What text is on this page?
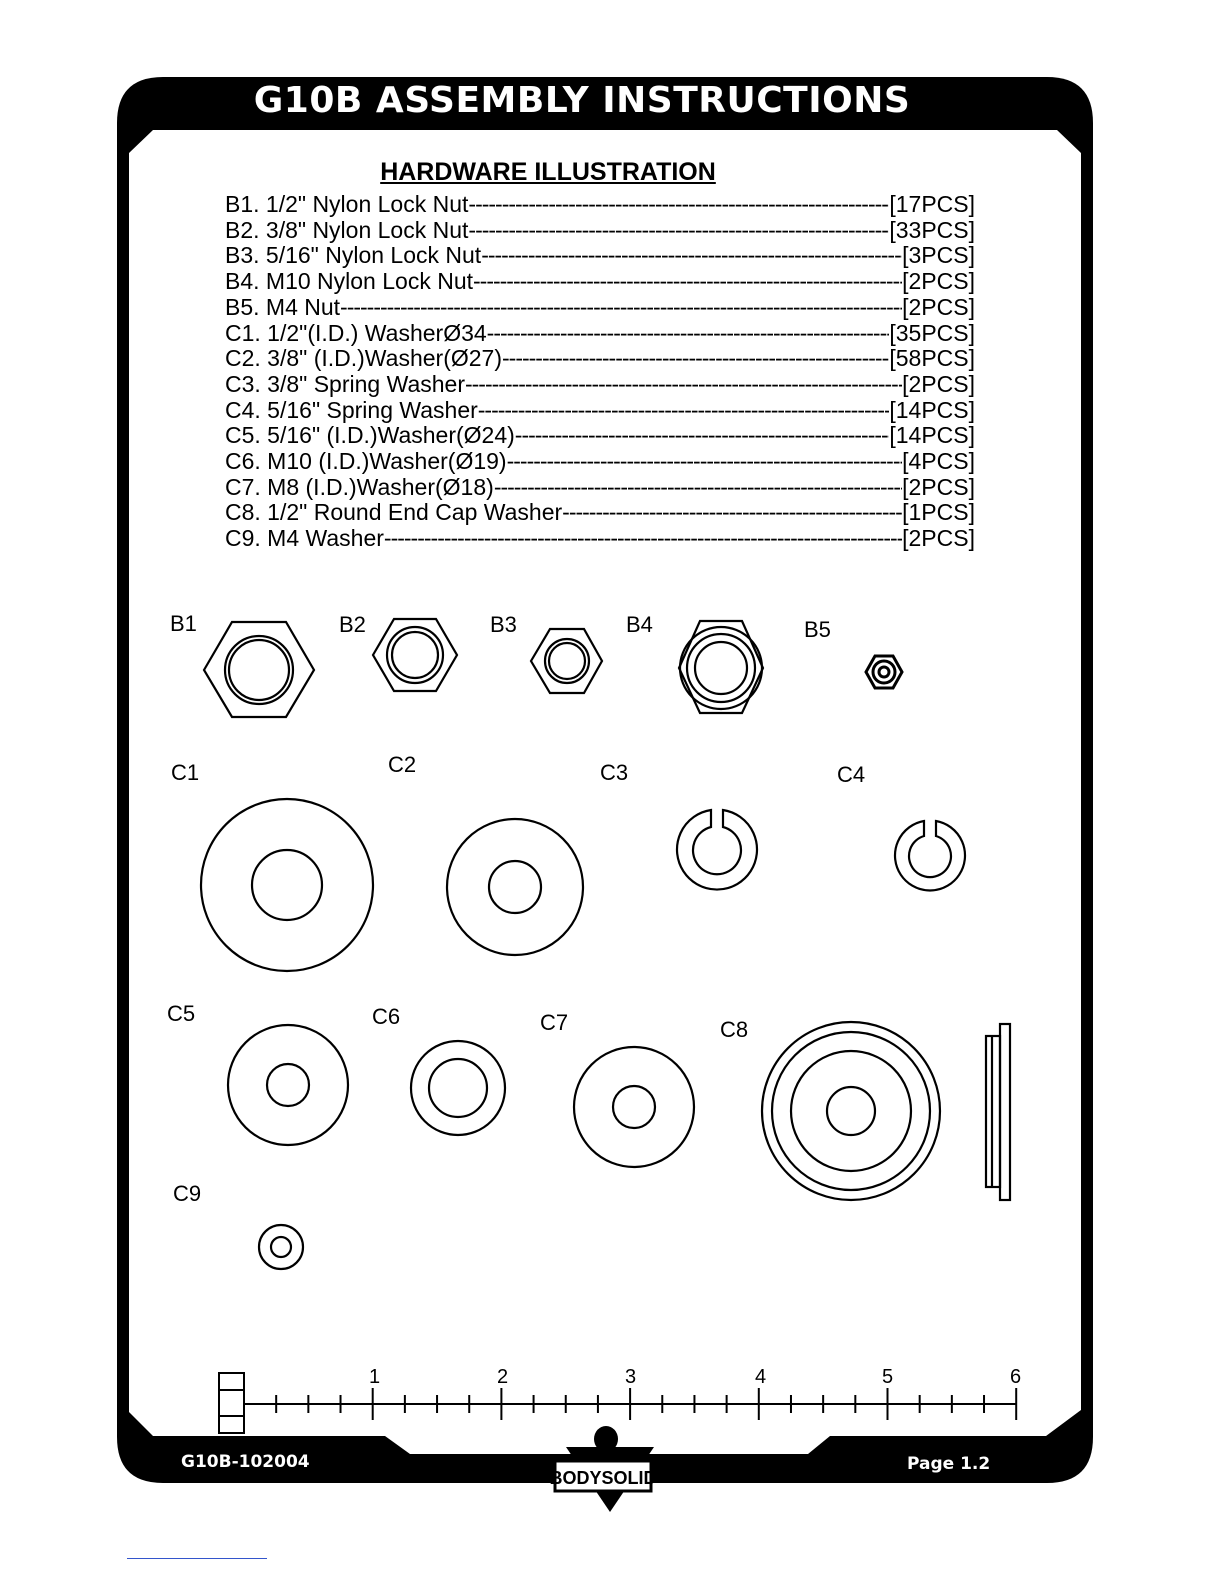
G10B ASSEMBLY INSTRUCTIONS
HARDWARE ILLUSTRATION
B1. 1/2" Nylon Lock Nut -----	[17PCS]
B2. 3/8" Nylon Lock Nut -----	[33PCS]
B3. 5/16" Nylon Lock Nut -----	[3PCS]
B4. M10 Nylon Lock Nut -----	[2PCS]
B5. M4 Nut -----	[2PCS]
C1. 1/2"(I.D.) WasherØ34 -----	[35PCS]
C2. 3/8" (I.D.)Washer(Ø27) -----	[58PCS]
C3. 3/8" Spring Washer -----	[2PCS]
C4. 5/16" Spring Washer -----	[14PCS]
C5. 5/16" (I.D.)Washer(Ø24) -----	[14PCS]
C6. M10 (I.D.)Washer(Ø19) -----	[4PCS]
C7. M8 (I.D.)Washer(Ø18) -----	[2PCS]
C8. 1/2" Round End Cap Washer -----	[1PCS]
C9. M4 Washer -----	[2PCS]
B1	B2	B3	B4	B5
C1	C2	C3	C4
C5	C6	C7	C8
C9
1	2	3	4	5	6
BODYSOLID
G10B-102004	Page 1.2
